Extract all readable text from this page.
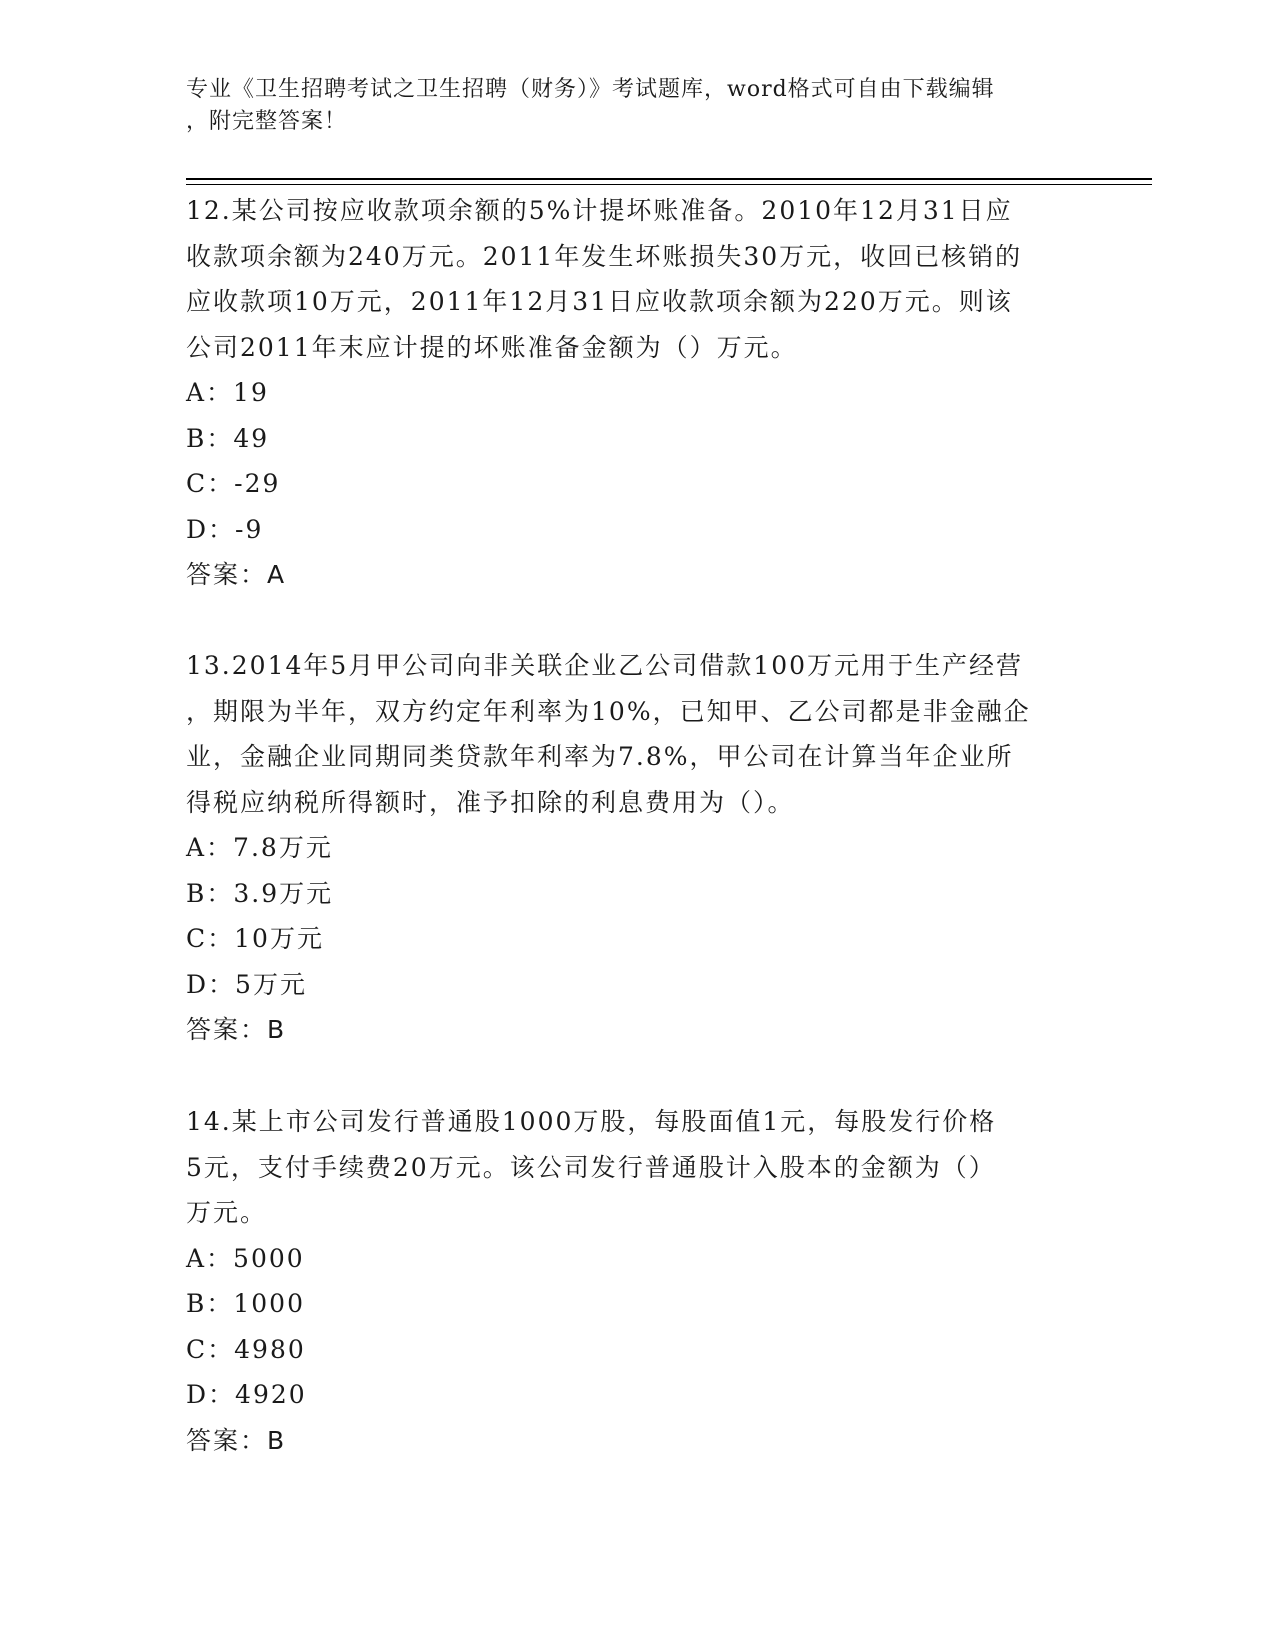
专业《卫生招聘考试之卫生招聘（财务）》考试题库，word格式可自由下载编辑
，附完整答案！

12.某公司按应收款项余额的5%计提坏账准备。2010年12月31日应

收款项余额为240万元。2011年发生坏账损失30万元，收回已核销的

应收款项10万元，2011年12月31日应收款项余额为220万元。则该

公司2011年末应计提的坏账准备金额为（）万元。

A：19

B：49

C：-29

D：-9

答案：A

13.2014年5月甲公司向非关联企业乙公司借款100万元用于生产经营

，期限为半年，双方约定年利率为10%，已知甲、乙公司都是非金融企

业，金融企业同期同类贷款年利率为7.8%，甲公司在计算当年企业所

得税应纳税所得额时，准予扣除的利息费用为（）。

A：7.8万元

B：3.9万元

C：10万元

D：5万元

答案：B

14.某上市公司发行普通股1000万股，每股面值1元，每股发行价格

5元，支付手续费20万元。该公司发行普通股计入股本的金额为（）

万元。

A：5000

B：1000

C：4980

D：4920

答案：B
